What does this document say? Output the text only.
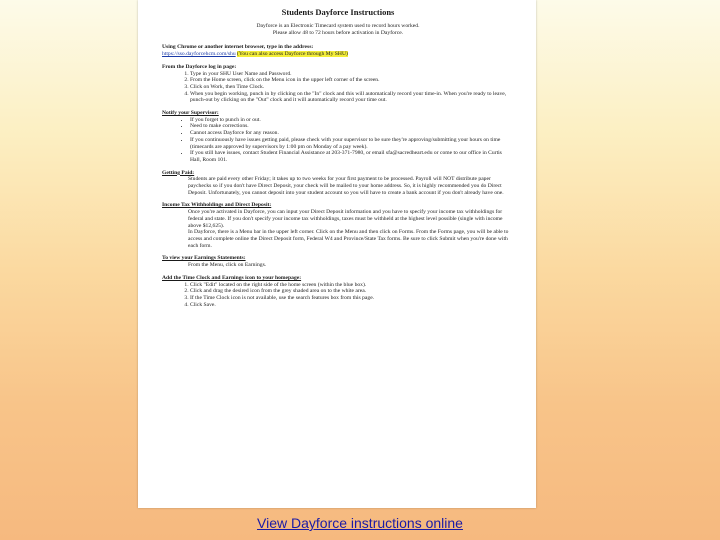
Students Dayforce Instructions
Dayforce is an Electronic Timecard system used to record hours worked.
Please allow 48 to 72 hours before activation in Dayforce.
Using Chrome or another internet browser, type in the address:
https://sso.dayforcehcm.com/shu (You can also access Dayforce through My SHU)
From the Dayforce log in page:
1. Type in your SHU User Name and Password.
2. From the Home screen, click on the Menu icon in the upper left corner of the screen.
3. Click on Work, then Time Clock.
4. When you begin working, punch in by clicking on the "In" clock and this will automatically record your time-in. When you're ready to leave, punch-out by clicking on the "Out" clock and it will automatically record your time out.
Notify your Supervisor:
• If you forget to punch in or out.
• Need to make corrections.
• Cannot access Dayforce for any reason.
• If you continuously have issues getting paid, please check with your supervisor to be sure they're approving/submitting your hours on time (timecards are approved by supervisors by 1:00 pm on Monday of a pay week).
• If you still have issues, contact Student Financial Assistance at 203-371-7980, or email sfa@sacredheart.edu or come to our office in Curtis Hall, Room 101.
Getting Paid:
Students are paid every other Friday; it takes up to two weeks for your first payment to be processed. Payroll will NOT distribute paper paychecks so if you don't have Direct Deposit, your check will be mailed to your home address. So, it is highly recommended you do Direct Deposit. Unfortunately, you cannot deposit into your student account so you will have to create a bank account if you don't already have one.
Income Tax Withholdings and Direct Deposit:
Once you're activated in Dayforce, you can input your Direct Deposit information and you have to specify your income tax withholdings for federal and state. If you don't specify your income tax withholdings, taxes must be withheld at the highest level possible (single with income above $12,625).
In Dayforce, there is a Menu bar in the upper left corner. Click on the Menu and then click on Forms. From the Forms page, you will be able to access and complete online the Direct Deposit form, Federal W4 and Province/State Tax forms. Be sure to click Submit when you're done with each form.
To view your Earnings Statements:
From the Menu, click on Earnings.
Add the Time Clock and Earnings icon to your homepage:
1. Click "Edit" located on the right side of the home screen (within the blue box).
2. Click and drag the desired icon from the grey shaded area on to the white area.
3. If the Time Clock icon is not available, use the search features box from this page.
4. Click Save.
View Dayforce instructions online
